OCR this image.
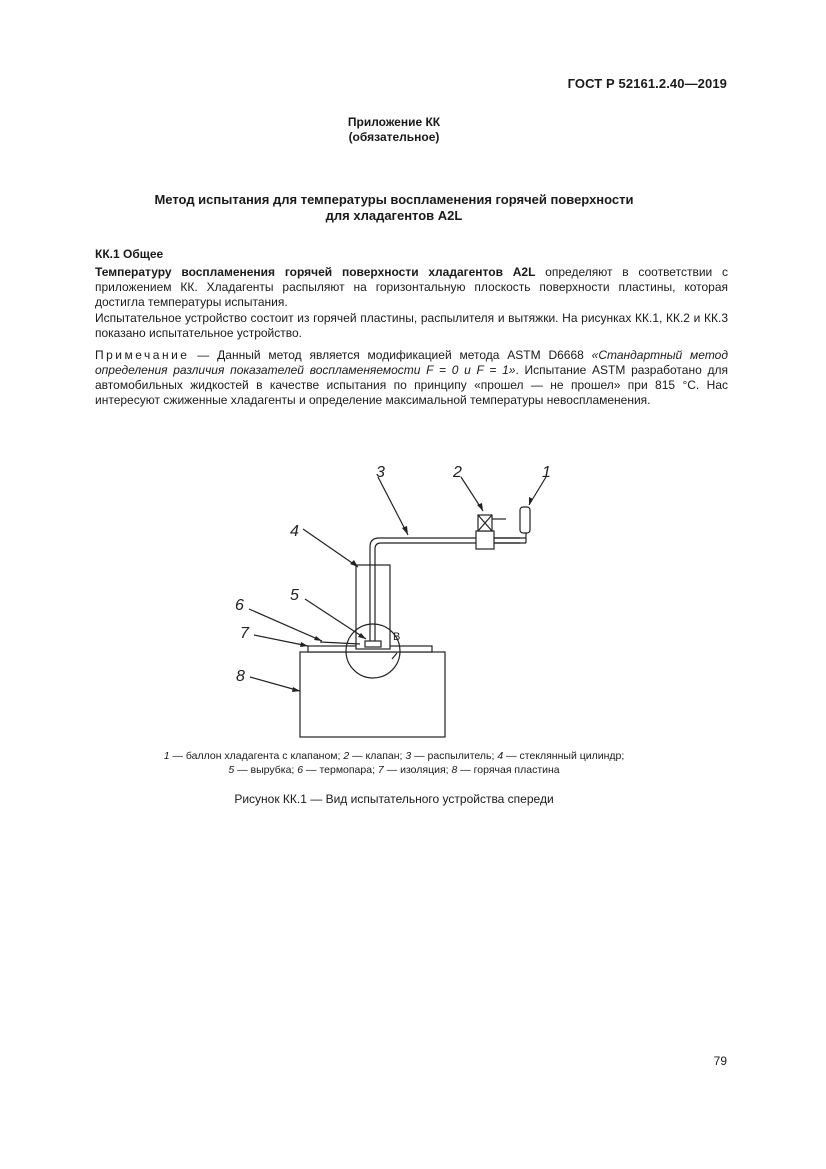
ГОСТ Р 52161.2.40—2019
Приложение КК
(обязательное)
Метод испытания для температуры воспламенения горячей поверхности
для хладагентов A2L
КК.1 Общее
Температуру воспламенения горячей поверхности хладагентов A2L определяют в соответствии с приложением КК. Хладагенты распыляют на горизонтальную плоскость поверхности пластины, которая достигла температуры испытания.
Испытательное устройство состоит из горячей пластины, распылителя и вытяжки. На рисунках КК.1, КК.2 и КК.3 показано испытательное устройство.
Примечание — Данный метод является модификацией метода ASTM D6668 «Стандартный метод определения различия показателей воспламеняемости F = 0 и F = 1». Испытание ASTM разработано для автомобильных жидкостей в качестве испытания по принципу «прошел — не прошел» при 815 °С. Нас интересуют сжиженные хладагенты и определение максимальной температуры невоспламенения.
3	2	1
4
5
6
7
8
B
1 — баллон хладагента с клапаном; 2 — клапан; 3 — распылитель; 4 — стеклянный цилиндр;
5 — вырубка; 6 — термопара; 7 — изоляция; 8 — горячая пластина
Рисунок КК.1 — Вид испытательного устройства спереди
79
